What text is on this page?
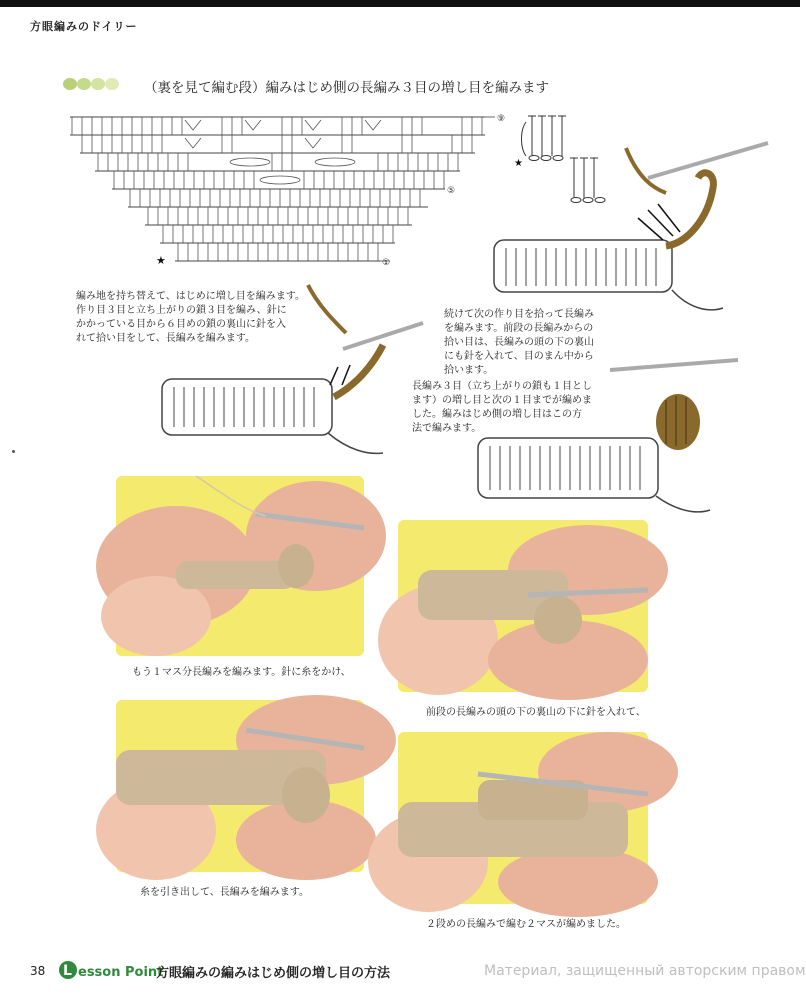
方眼編みのドイリー
（裏を見て編む段）編みはじめ側の長編み３目の増し目を編みます
⑨
⑤
①
★
★
編み地を持ち替えて、はじめに増し目を編みます。
作り目３目と立ち上がりの鎖３目を編み、針に
かかっている目から６目めの鎖の裏山に針を入
れて拾い目をして、長編みを編みます。
続けて次の作り目を拾って長編み
を編みます。前段の長編みからの
拾い目は、長編みの頭の下の裏山
にも針を入れて、目のまん中から
拾います。
長編み３目（立ち上がりの鎖も１目とし
ます）の増し目と次の１目までが編めま
した。編みはじめ側の増し目はこの方
法で編みます。
もう１マス分長編みを編みます。針に糸をかけ、
前段の長編みの頭の下の裏山の下に針を入れて、
糸を引き出して、長編みを編みます。
２段めの長編みで編む２マスが編めました。
38 L esson Point
方眼編みの編みはじめ側の増し目の方法	Материал, защищенный авторским правом
